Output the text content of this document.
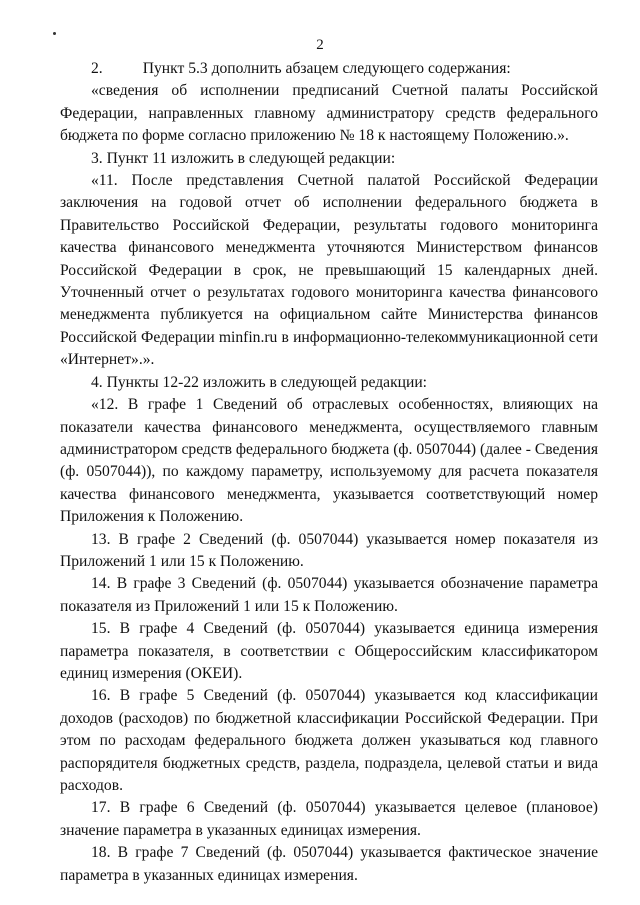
2

2.	Пункт 5.3 дополнить абзацем следующего содержания:

«сведения об исполнении предписаний Счетной палаты Российской Федерации, направленных главному администратору средств федерального бюджета по форме согласно приложению № 18 к настоящему Положению.».

3. Пункт 11 изложить в следующей редакции:

«11. После представления Счетной палатой Российской Федерации заключения на годовой отчет об исполнении федерального бюджета в Правительство Российской Федерации, результаты годового мониторинга качества финансового менеджмента уточняются Министерством финансов Российской Федерации в срок, не превышающий 15 календарных дней. Уточненный отчет о результатах годового мониторинга качества финансового менеджмента публикуется на официальном сайте Министерства финансов Российской Федерации minfin.ru в информационно-телекоммуникационной сети «Интернет».».

4. Пункты 12-22 изложить в следующей редакции:

«12. В графе 1 Сведений об отраслевых особенностях, влияющих на показатели качества финансового менеджмента, осуществляемого главным администратором средств федерального бюджета (ф. 0507044) (далее - Сведения (ф. 0507044)), по каждому параметру, используемому для расчета показателя качества финансового менеджмента, указывается соответствующий номер Приложения к Положению.

13. В графе 2 Сведений (ф. 0507044) указывается номер показателя из Приложений 1 или 15 к Положению.

14. В графе 3 Сведений (ф. 0507044) указывается обозначение параметра показателя из Приложений 1 или 15 к Положению.

15. В графе 4 Сведений (ф. 0507044) указывается единица измерения параметра показателя, в соответствии с Общероссийским классификатором единиц измерения (ОКЕИ).

16. В графе 5 Сведений (ф. 0507044) указывается код классификации доходов (расходов) по бюджетной классификации Российской Федерации. При этом по расходам федерального бюджета должен указываться код главного распорядителя бюджетных средств, раздела, подраздела, целевой статьи и вида расходов.

17. В графе 6 Сведений (ф. 0507044) указывается целевое (плановое) значение параметра в указанных единицах измерения.

18. В графе 7 Сведений (ф. 0507044) указывается фактическое значение параметра в указанных единицах измерения.
